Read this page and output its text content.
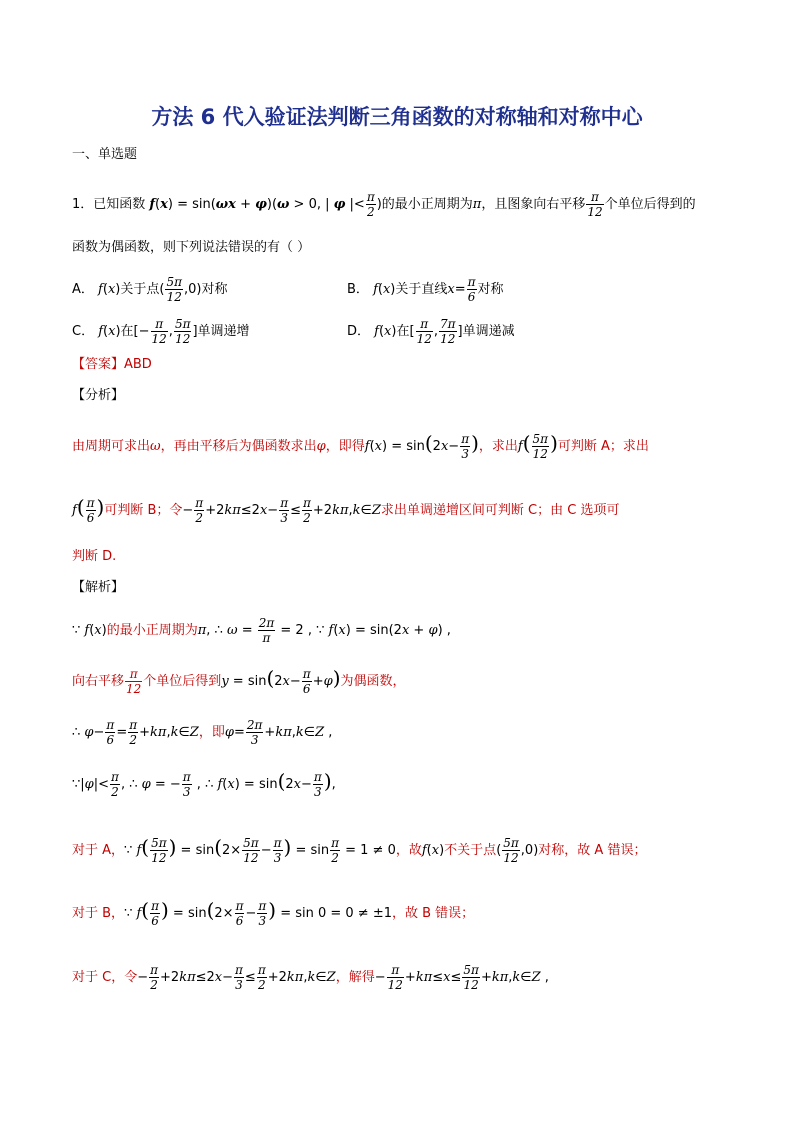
方法 6 代入验证法判断三角函数的对称轴和对称中心
一、单选题
1．已知函数 f(x) = sin(ωx + φ)(ω > 0, | φ |< $\frac{\pi}{2}$ )的最小正周期为π，且图象向右平移 $\frac{\pi}{12}$ 个单位后得到的
函数为偶函数，则下列说法错误的有（ ）
A． f(x)关于点( $\frac{5\pi}{12} ,0$)对称	B． f(x)关于直线$x= \frac{\pi}{6}$ 对称
C． f(x)在[− $\frac{\pi}{12}$ , $\frac{5\pi}{12}$ ]单调递增	D． f(x)在[ $\frac{\pi}{12}$ , $\frac{7\pi}{12}$ ]单调递减
【答案】ABD
【分析】
由周期可求出ω，再由平移后为偶函数求出φ，即得$f(x) = \sin(2x- \frac{\pi}{3}$ )，求出$f( \frac{5\pi}{12}$ )可判断 A；求出
$f( \frac{\pi}{6}$ )可判断 B；令− $\frac{\pi}{2} +2k\pi\le 2x- \frac{\pi}{3} \le \frac{\pi}{2}$ +2kπ,k∈Z求出单调递增区间可判断 C；由 C 选项可
判断 D.
【解析】
∵ f(x)的最小正周期为π, ∴ $\omega = \frac{2\pi}{\pi} = 2$ , ∵ f(x) = sin(2x + φ) ,
向右平移 $\frac{\pi}{12}$ 个单位后得到$y = \sin(2x- \frac{\pi}{6} +\varphi)$为偶函数，
∴ $\varphi- \frac{\pi}{6} = \frac{\pi}{2}$ +kπ,k∈Z，即$\varphi= \frac{2\pi}{3}$ +kπ,k∈Z ,
∵|φ|< $\frac{\pi}{2}$ , ∴ φ = − $\frac{\pi}{3}$ , ∴ $f(x) = \sin(2x- \frac{\pi}{3}$ ),
对于 A，∵ $f( \frac{5\pi}{12}$ ) = $\sin(2\times \frac{5\pi}{12} - \frac{\pi}{3}$ ) = $\sin \frac{\pi}{2} = 1 \ne 0$，故f(x)不关于点( $\frac{5\pi}{12} ,0$)对称，故 A 错误；
对于 B，∵ $f( \frac{\pi}{6}$ ) = $\sin(2\times \frac{\pi}{6} - \frac{\pi}{3}$ ) = sin 0 = 0 ≠ ±1，故 B 错误；
对于 C，令− $\frac{\pi}{2} +2k\pi\le 2x- \frac{\pi}{3} \le \frac{\pi}{2}$ +2kπ,k∈Z，解得− $\frac{\pi}{12} +k\pi\le x\le \frac{5\pi}{12}$ +kπ,k∈Z ,
